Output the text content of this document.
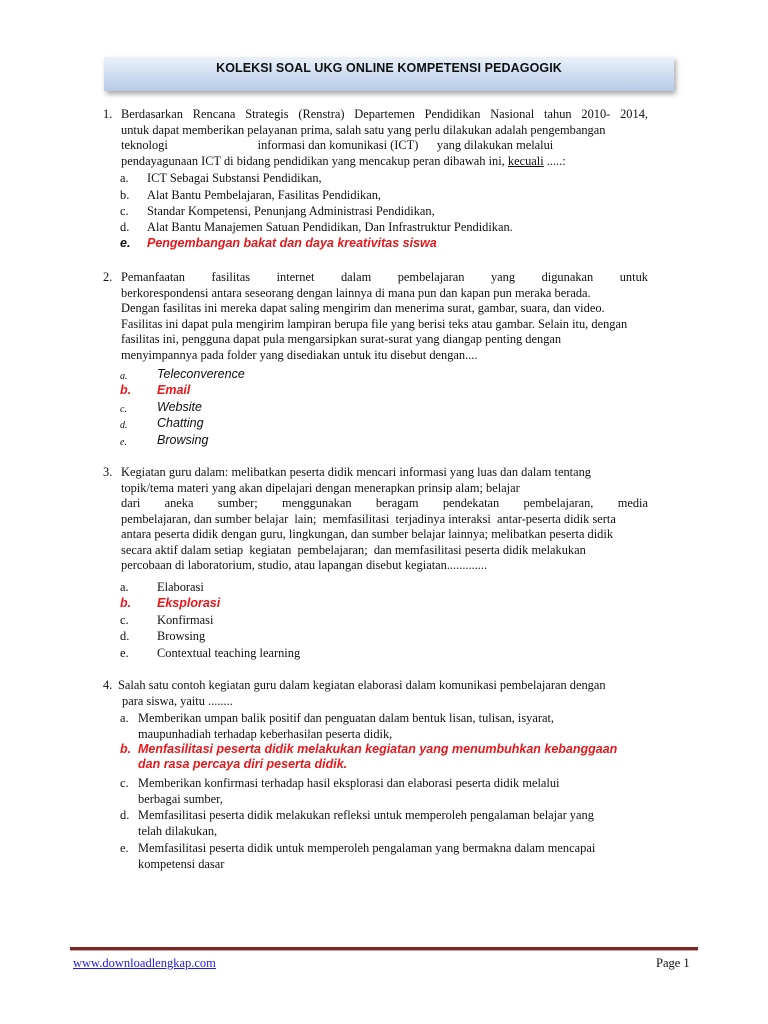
KOLEKSI SOAL UKG ONLINE KOMPETENSI PEDAGOGIK
1. Berdasarkan Rencana Strategis (Renstra) Departemen Pendidikan Nasional tahun 2010- 2014,
untuk dapat memberikan pelayanan prima, salah satu yang perlu dilakukan adalah pengembangan
teknologi                             informasi dan komunikasi (ICT)      yang dilakukan melalui
pendayagunaan ICT di bidang pendidikan yang mencakup peran dibawah ini, kecuali .....:
a. ICT Sebagai Substansi Pendidikan,
b. Alat Bantu Pembelajaran, Fasilitas Pendidikan,
c. Standar Kompetensi, Penunjang Administrasi Pendidikan,
d. Alat Bantu Manajemen Satuan Pendidikan, Dan Infrastruktur Pendidikan.
e. Pengembangan bakat dan daya kreativitas siswa
2. Pemanfaatan fasilitas internet dalam pembelajaran yang digunakan untuk
berkorespondensi antara seseorang dengan lainnya di mana pun dan kapan pun meraka berada.
Dengan fasilitas ini mereka dapat saling mengirim dan menerima surat, gambar, suara, dan video.
Fasilitas ini dapat pula mengirim lampiran berupa file yang berisi teks atau gambar. Selain itu, dengan
fasilitas ini, pengguna dapat pula mengarsipkan surat-surat yang diangap penting dengan
menyimpannya pada folder yang disediakan untuk itu disebut dengan....
a. Teleconverence
b. Email
c. Website
d. Chatting
e. Browsing
3. Kegiatan guru dalam: melibatkan peserta didik mencari informasi yang luas dan dalam tentang
topik/tema materi yang akan dipelajari dengan menerapkan prinsip alam; belajar
dari aneka sumber; menggunakan beragam pendekatan pembelajaran, media
pembelajaran, dan sumber belajar  lain;  memfasilitasi  terjadinya interaksi  antar-peserta didik serta
antara peserta didik dengan guru, lingkungan, dan sumber belajar lainnya; melibatkan peserta didik
secara aktif dalam setiap  kegiatan  pembelajaran;  dan memfasilitasi peserta didik melakukan
percobaan di laboratorium, studio, atau lapangan disebut kegiatan.............
a. Elaborasi
b. Eksplorasi
c. Konfirmasi
d. Browsing
e. Contextual teaching learning
4. Salah satu contoh kegiatan guru dalam kegiatan elaborasi dalam komunikasi pembelajaran dengan
para siswa, yaitu ........
a. Memberikan umpan balik positif dan penguatan dalam bentuk lisan, tulisan, isyarat,
maupunhadiah terhadap keberhasilan peserta didik,
b. Menfasilitasi peserta didik melakukan kegiatan yang menumbuhkan kebanggaan
dan rasa percaya diri peserta didik.
c. Memberikan konfirmasi terhadap hasil eksplorasi dan elaborasi peserta didik melalui
berbagai sumber,
d. Memfasilitasi peserta didik melakukan refleksi untuk memperoleh pengalaman belajar yang
telah dilakukan,
e. Memfasilitasi peserta didik untuk memperoleh pengalaman yang bermakna dalam mencapai
kompetensi dasar
www.downloadlengkap.com	Page 1
